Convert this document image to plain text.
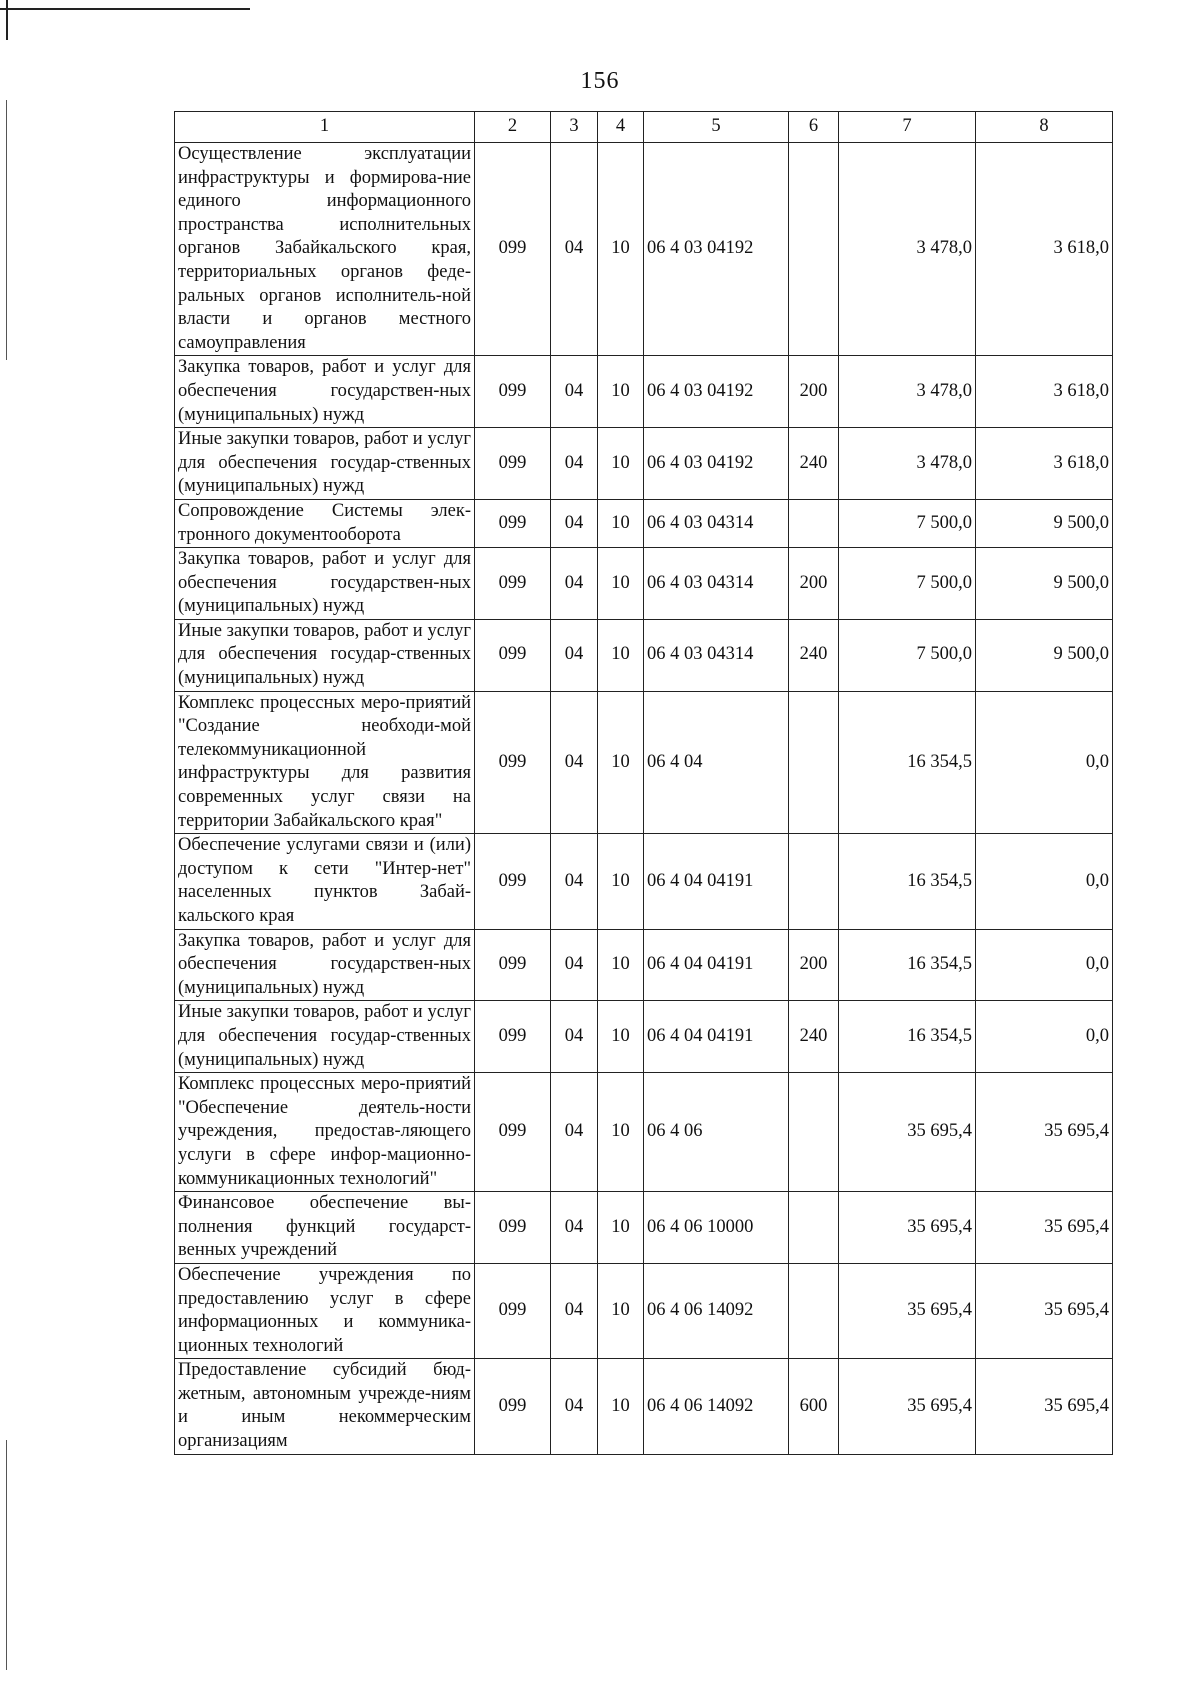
156
1	2	3	4	5	6	7	8
Осуществление эксплуатации инфраструктуры и формирова-ние единого информационного пространства исполнительных органов Забайкальского края, территориальных органов феде-ральных органов исполнитель-ной власти и органов местного самоуправления	099	04	10	06 4 03 04192		3 478,0	3 618,0
Закупка товаров, работ и услуг для обеспечения государствен-ных (муниципальных) нужд	099	04	10	06 4 03 04192	200	3 478,0	3 618,0
Иные закупки товаров, работ и услуг для обеспечения государ-ственных (муниципальных) нужд	099	04	10	06 4 03 04192	240	3 478,0	3 618,0
Сопровождение Системы элек-тронного документооборота	099	04	10	06 4 03 04314		7 500,0	9 500,0
Закупка товаров, работ и услуг для обеспечения государствен-ных (муниципальных) нужд	099	04	10	06 4 03 04314	200	7 500,0	9 500,0
Иные закупки товаров, работ и услуг для обеспечения государ-ственных (муниципальных) нужд	099	04	10	06 4 03 04314	240	7 500,0	9 500,0
Комплекс процессных меро-приятий "Создание необходи-мой телекоммуникационной инфраструктуры для развития современных услуг связи на территории Забайкальского края"	099	04	10	06 4 04		16 354,5	0,0
Обеспечение услугами связи и (или) доступом к сети "Интер-нет" населенных пунктов Забай-кальского края	099	04	10	06 4 04 04191		16 354,5	0,0
Закупка товаров, работ и услуг для обеспечения государствен-ных (муниципальных) нужд	099	04	10	06 4 04 04191	200	16 354,5	0,0
Иные закупки товаров, работ и услуг для обеспечения государ-ственных (муниципальных) нужд	099	04	10	06 4 04 04191	240	16 354,5	0,0
Комплекс процессных меро-приятий "Обеспечение деятель-ности учреждения, предостав-ляющего услуги в сфере инфор-мационно-коммуникационных технологий"	099	04	10	06 4 06		35 695,4	35 695,4
Финансовое обеспечение вы-полнения функций государст-венных учреждений	099	04	10	06 4 06 10000		35 695,4	35 695,4
Обеспечение учреждения по предоставлению услуг в сфере информационных и коммуника-ционных технологий	099	04	10	06 4 06 14092		35 695,4	35 695,4
Предоставление субсидий бюд-жетным, автономным учрежде-ниям и иным некоммерческим организациям	099	04	10	06 4 06 14092	600	35 695,4	35 695,4
